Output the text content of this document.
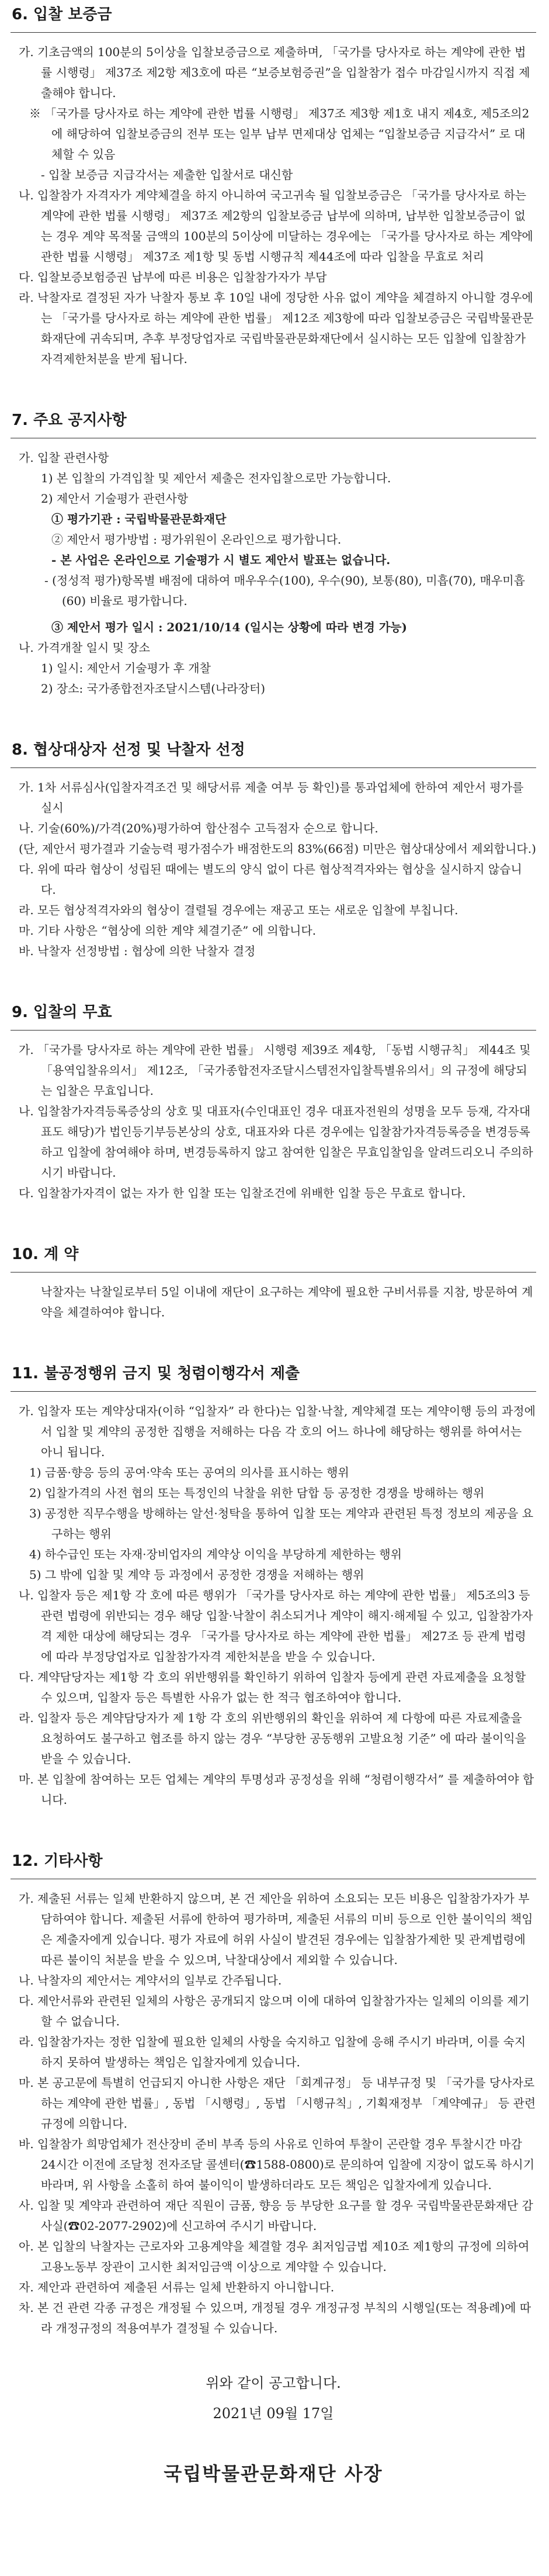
6. 입찰 보증금

가. 기초금액의 100분의 5이상을 입찰보증금으로 제출하며, 「국가를 당사자로 하는 계약에 관한 법률 시행령」 제37조 제2항 제3호에 따른 “보증보험증권”을 입찰참가 접수 마감일시까지 직접 제출해야 합니다.

※ 「국가를 당사자로 하는 계약에 관한 법률 시행령」 제37조 제3항 제1호 내지 제4호, 제5조의2에 해당하여 입찰보증금의 전부 또는 일부 납부 면제대상 업체는 “입찰보증금 지급각서” 로 대체할 수 있음

- 입찰 보증금 지급각서는 제출한 입찰서로 대신함

나. 입찰참가 자격자가 계약체결을 하지 아니하여 국고귀속 될 입찰보증금은 「국가를 당사자로 하는 계약에 관한 법률 시행령」 제37조 제2항의 입찰보증금 납부에 의하며, 납부한 입찰보증금이 없는 경우 계약 목적물 금액의 100분의 5이상에 미달하는 경우에는 「국가를 당사자로 하는 계약에 관한 법률 시행령」 제37조 제1항 및 동법 시행규칙 제44조에 따라 입찰을 무효로 처리

다. 입찰보증보험증권 납부에 따른 비용은 입찰참가자가 부담

라. 낙찰자로 결정된 자가 낙찰자 통보 후 10일 내에 정당한 사유 없이 계약을 체결하지 아니할 경우에는 「국가를 당사자로 하는 계약에 관한 법률」 제12조 제3항에 따라 입찰보증금은 국립박물관문화재단에 귀속되며, 추후 부정당업자로 국립박물관문화재단에서 실시하는 모든 입찰에 입찰참가자격제한처분을 받게 됩니다.

7. 주요 공지사항

가. 입찰 관련사항

1) 본 입찰의 가격입찰 및 제안서 제출은 전자입찰으로만 가능합니다.

2) 제안서 기술평가 관련사항

① 평가기관 : 국립박물관문화재단

② 제안서 평가방법 : 평가위원이 온라인으로 평가합니다.

- 본 사업은 온라인으로 기술평가 시 별도 제안서 발표는 없습니다.

- (정성적 평가)항목별 배점에 대하여 매우우수(100), 우수(90), 보통(80), 미흡(70), 매우미흡(60) 비율로 평가합니다.

③ 제안서 평가 일시 : 2021/10/14 (일시는 상황에 따라 변경 가능)

나. 가격개찰 일시 및 장소

1) 일시: 제안서 기술평가 후 개찰

2) 장소: 국가종합전자조달시스템(나라장터)

8. 협상대상자 선정 및 낙찰자 선정

가. 1차 서류심사(입찰자격조건 및 해당서류 제출 여부 등 확인)를 통과업체에 한하여 제안서 평가를 실시

나. 기술(60%)/가격(20%)평가하여 합산점수 고득점자 순으로 합니다.

(단, 제안서 평가결과 기술능력 평가점수가 배점한도의 83%(66점) 미만은 협상대상에서 제외합니다.)

다. 위에 따라 협상이 성립된 때에는 별도의 양식 없이 다른 협상적격자와는 협상을 실시하지 않습니다.

라. 모든 협상적격자와의 협상이 결렬될 경우에는 재공고 또는 새로운 입찰에 부칩니다.

마. 기타 사항은 “협상에 의한 계약 체결기준” 에 의합니다.

바. 낙찰자 선정방법 : 협상에 의한 낙찰자 결정

9. 입찰의 무효

가. 「국가를 당사자로 하는 계약에 관한 법률」 시행령 제39조 제4항, 「동법 시행규칙」 제44조 및 「용역입찰유의서」 제12조, 「국가종합전자조달시스템전자입찰특별유의서」의 규정에 해당되는 입찰은 무효입니다.

나. 입찰참가자격등록증상의 상호 및 대표자(수인대표인 경우 대표자전원의 성명을 모두 등재, 각자대표도 해당)가 법인등기부등본상의 상호, 대표자와 다른 경우에는 입찰참가자격등록증을 변경등록하고 입찰에 참여해야 하며, 변경등록하지 않고 참여한 입찰은 무효입찰임을 알려드리오니 주의하시기 바랍니다.

다. 입찰참가자격이 없는 자가 한 입찰 또는 입찰조건에 위배한 입찰 등은 무효로 합니다.

10. 계 약

낙찰자는 낙찰일로부터 5일 이내에 재단이 요구하는 계약에 필요한 구비서류를 지참, 방문하여 계약을 체결하여야 합니다.

11. 불공정행위 금지 및 청렴이행각서 제출

가. 입찰자 또는 계약상대자(이하 “입찰자” 라 한다)는 입찰·낙찰, 계약체결 또는 계약이행 등의 과정에서 입찰 및 계약의 공정한 집행을 저해하는 다음 각 호의 어느 하나에 해당하는 행위를 하여서는 아니 됩니다.

1) 금품·향응 등의 공여·약속 또는 공여의 의사를 표시하는 행위

2) 입찰가격의 사전 협의 또는 특정인의 낙찰을 위한 담합 등 공정한 경쟁을 방해하는 행위

3) 공정한 직무수행을 방해하는 알선·청탁을 통하여 입찰 또는 계약과 관련된 특정 정보의 제공을 요구하는 행위

4) 하수급인 또는 자재·장비업자의 계약상 이익을 부당하게 제한하는 행위

5) 그 밖에 입찰 및 계약 등 과정에서 공정한 경쟁을 저해하는 행위

나. 입찰자 등은 제1항 각 호에 따른 행위가 「국가를 당사자로 하는 계약에 관한 법률」 제5조의3 등 관련 법령에 위반되는 경우 해당 입찰·낙찰이 취소되거나 계약이 해지·해제될 수 있고, 입찰참가자격 제한 대상에 해당되는 경우 「국가를 당사자로 하는 계약에 관한 법률」 제27조 등 관계 법령에 따라 부정당업자로 입찰참가자격 제한처분을 받을 수 있습니다.

다. 계약담당자는 제1항 각 호의 위반행위를 확인하기 위하여 입찰자 등에게 관련 자료제출을 요청할 수 있으며, 입찰자 등은 특별한 사유가 없는 한 적극 협조하여야 합니다.

라. 입찰자 등은 계약담당자가 제 1항 각 호의 위반행위의 확인을 위하여 제 다항에 따른 자료제출을 요청하여도 불구하고 협조를 하지 않는 경우 “부당한 공동행위 고발요청 기준” 에 따라 불이익을 받을 수 있습니다.

마. 본 입찰에 참여하는 모든 업체는 계약의 투명성과 공정성을 위해 “청렴이행각서” 를 제출하여야 합니다.

12. 기타사항

가. 제출된 서류는 일체 반환하지 않으며, 본 건 제안을 위하여 소요되는 모든 비용은 입찰참가자가 부담하여야 합니다. 제출된 서류에 한하여 평가하며, 제출된 서류의 미비 등으로 인한 불이익의 책임은 제출자에게 있습니다. 평가 자료에 허위 사실이 발견된 경우에는 입찰참가제한 및 관계법령에 따른 불이익 처분을 받을 수 있으며, 낙찰대상에서 제외할 수 있습니다.

나. 낙찰자의 제안서는 계약서의 일부로 간주됩니다.

다. 제안서류와 관련된 일체의 사항은 공개되지 않으며 이에 대하여 입찰참가자는 일체의 이의를 제기할 수 없습니다.

라. 입찰참가자는 정한 입찰에 필요한 일체의 사항을 숙지하고 입찰에 응해 주시기 바라며, 이를 숙지하지 못하여 발생하는 책임은 입찰자에게 있습니다.

마. 본 공고문에 특별히 언급되지 아니한 사항은 재단 「회계규정」 등 내부규정 및 「국가를 당사자로 하는 계약에 관한 법률」, 동법 「시행령」, 동법 「시행규칙」, 기획재정부 「계약예규」 등 관련규정에 의합니다.

바. 입찰참가 희망업체가 전산장비 준비 부족 등의 사유로 인하여 투찰이 곤란할 경우 투찰시간 마감 24시간 이전에 조달청 전자조달 콜센터(☎1588-0800)로 문의하여 입찰에 지장이 없도록 하시기 바라며, 위 사항을 소홀히 하여 불이익이 발생하더라도 모든 책임은 입찰자에게 있습니다.

사. 입찰 및 계약과 관련하여 재단 직원이 금품, 향응 등 부당한 요구를 할 경우 국립박물관문화재단 감사실(☎02-2077-2902)에 신고하여 주시기 바랍니다.

아. 본 입찰의 낙찰자는 근로자와 고용계약을 체결할 경우 최저임금법 제10조 제1항의 규정에 의하여 고용노동부 장관이 고시한 최저임금액 이상으로 계약할 수 있습니다.

자. 제안과 관련하여 제출된 서류는 일체 반환하지 아니합니다.

차. 본 건 관련 각종 규정은 개정될 수 있으며, 개정될 경우 개정규정 부칙의 시행일(또는 적용례)에 따라 개정규정의 적용여부가 결정될 수 있습니다.

위와 같이 공고합니다.

2021년 09월 17일

국립박물관문화재단 사장
